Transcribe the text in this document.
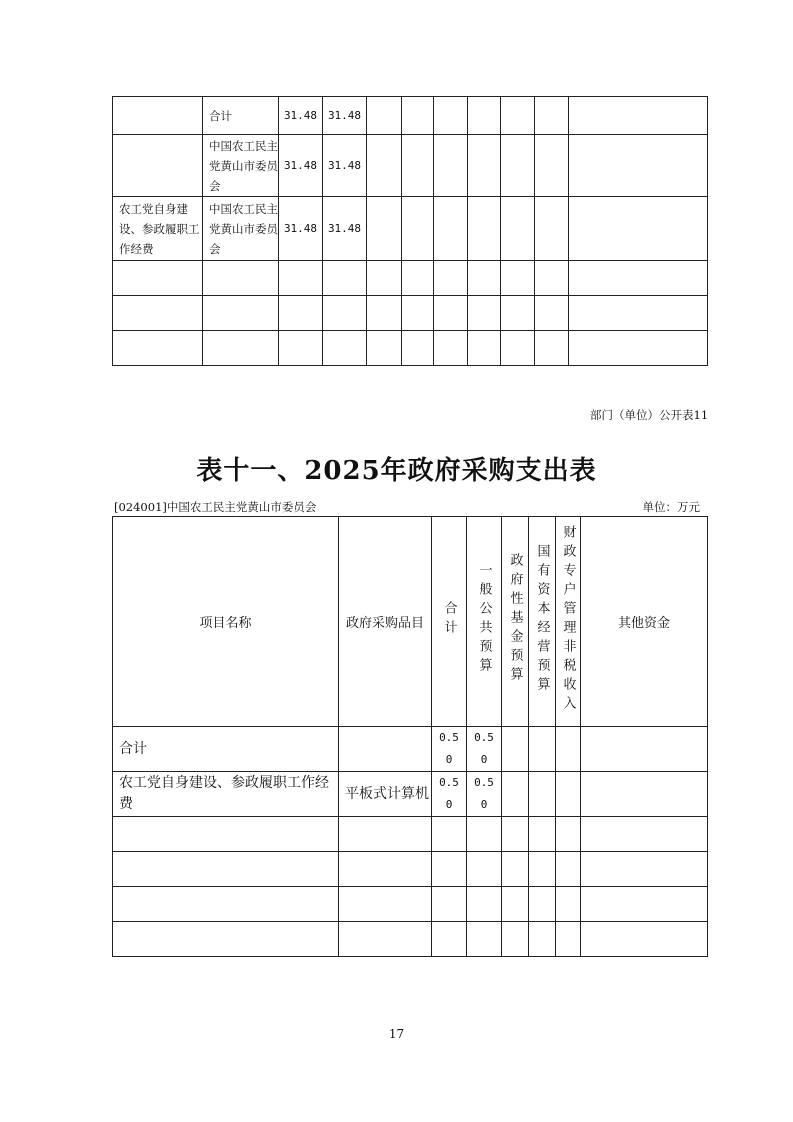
	合计	31.48	31.48							
	中国农工民主党黄山市委员会	31.48	31.48							
农工党自身建设、参政履职工作经费	中国农工民主党黄山市委员会	31.48	31.48							

部门（单位）公开表11
表十一、2025年政府采购支出表
[024001]中国农工民主党黄山市委员会	单位：万元
项目名称	政府采购品目	合计	一般公共预算	政府性基金预算	国有资本经营预算	财政专户管理非税收入	其他资金
合计		0.50	0.50				
农工党自身建设、参政履职工作经费	平板式计算机	0.50	0.50				

17
